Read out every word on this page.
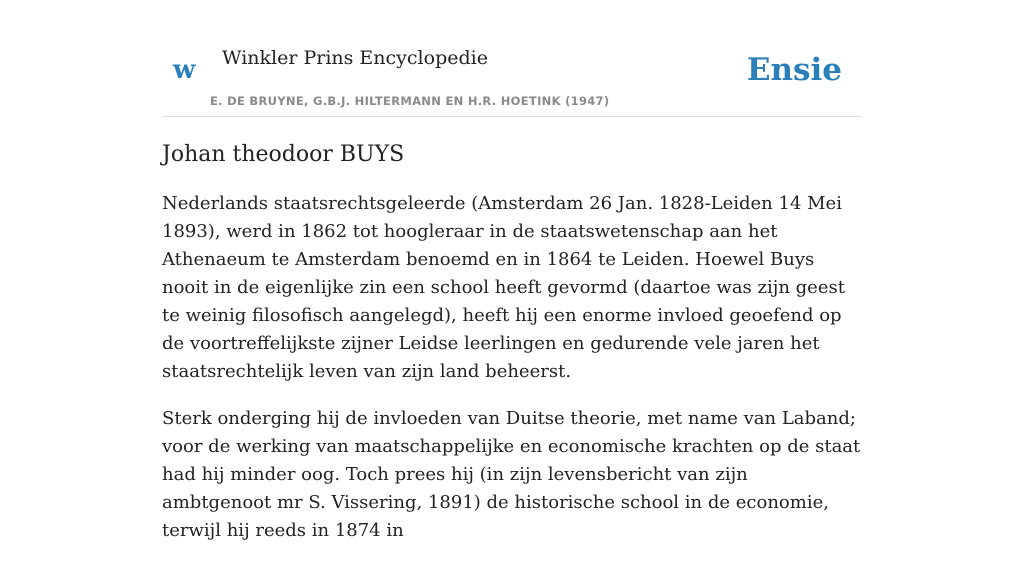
w Winkler Prins Encyclopedie
E. DE BRUYNE, G.B.J. HILTERMANN EN H.R. HOETINK (1947)
Ensie
Johan theodoor BUYS

Nederlands staatsrechtsgeleerde (Amsterdam 26 Jan. 1828-Leiden 14 Mei 1893), werd in 1862 tot hoogleraar in de staatswetenschap aan het Athenaeum te Amsterdam benoemd en in 1864 te Leiden. Hoewel Buys nooit in de eigenlijke zin een school heeft gevormd (daartoe was zijn geest te weinig filosofisch aangelegd), heeft hij een enorme invloed geoefend op de voortreffelijkste zijner Leidse leerlingen en gedurende vele jaren het staatsrechtelijk leven van zijn land beheerst.

Sterk onderging hij de invloeden van Duitse theorie, met name van Laband; voor de werking van maatschappelijke en economische krachten op de staat had hij minder oog. Toch prees hij (in zijn levensbericht van zijn ambtgenoot mr S. Vissering, 1891) de historische school in de economie, terwijl hij reeds in 1874 in
